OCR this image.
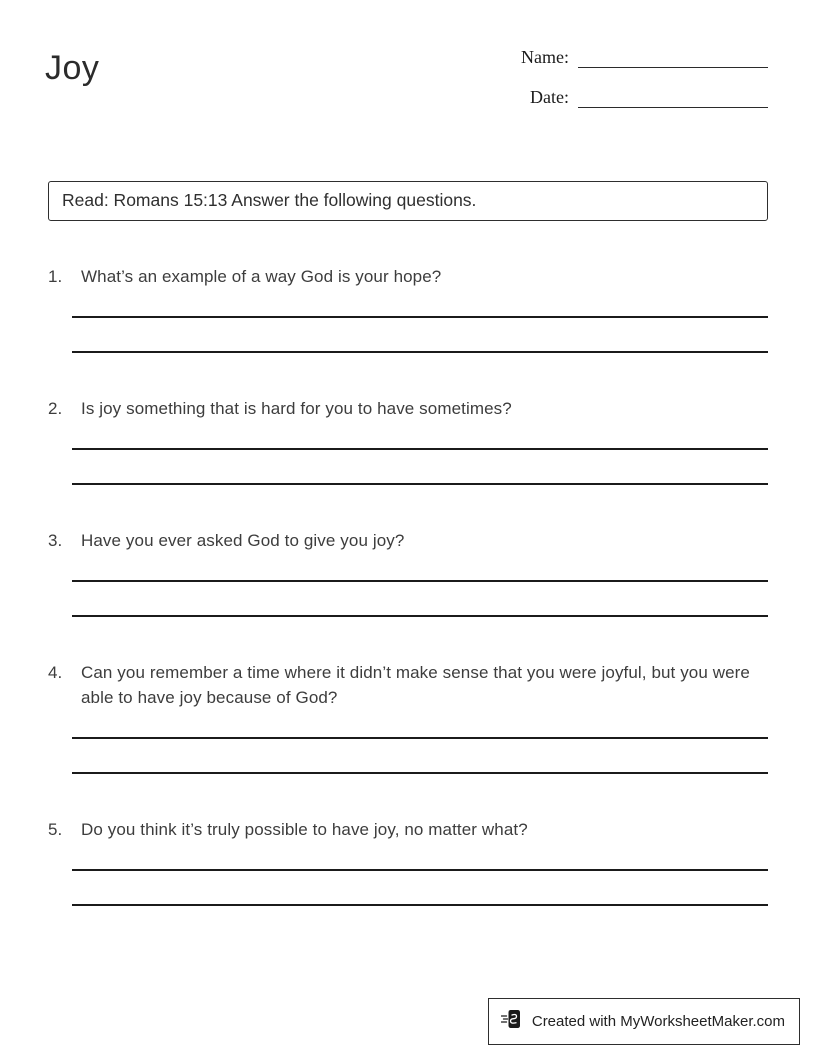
Joy	Name:
Date:
Read: Romans 15:13 Answer the following questions.
1.	What’s an example of a way God is your hope?
2.	Is joy something that is hard for you to have sometimes?
3.	Have you ever asked God to give you joy?
4.	Can you remember a time where it didn’t make sense that you were joyful, but you were able to have joy because of God?
5.	Do you think it’s truly possible to have joy, no matter what?
Created with MyWorksheetMaker.com
